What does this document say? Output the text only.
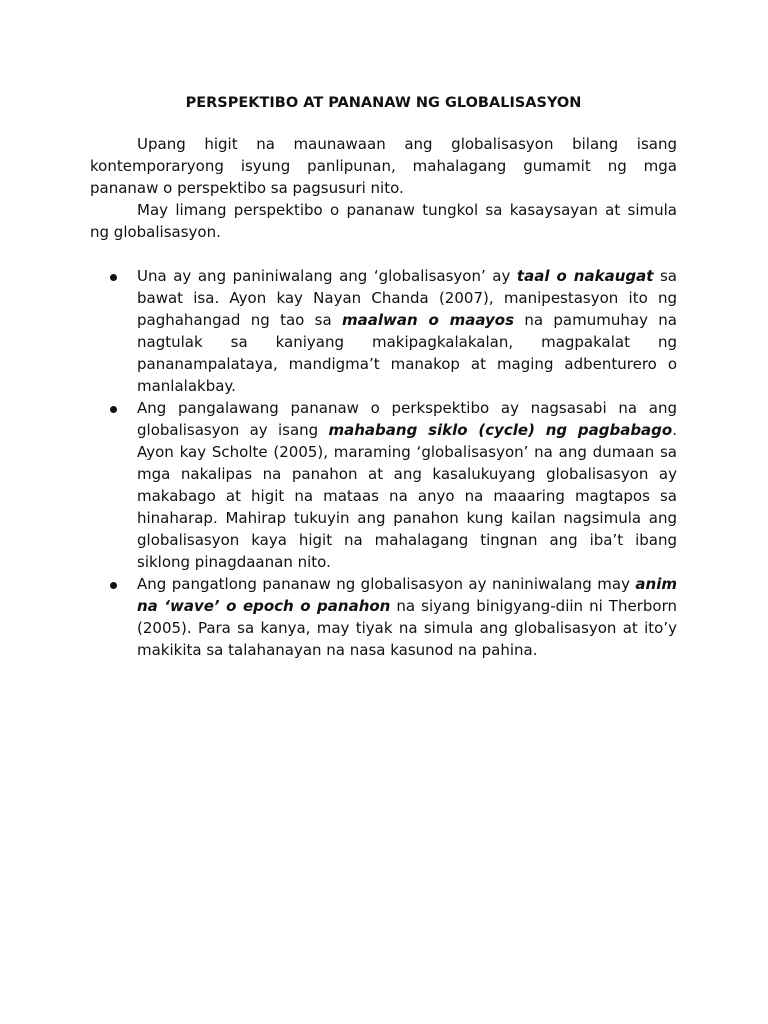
PERSPEKTIBO AT PANANAW NG GLOBALISASYON

Upang higit na maunawaan ang globalisasyon bilang isang kontemporaryong isyung panlipunan, mahalagang gumamit ng mga pananaw o perspektibo sa pagsusuri nito.

May limang perspektibo o pananaw tungkol sa kasaysayan at simula ng globalisasyon.

Una ay ang paniniwalang ang ‘globalisasyon’ ay taal o nakaugat sa bawat isa. Ayon kay Nayan Chanda (2007), manipestasyon ito ng paghahangad ng tao sa maalwan o maayos na pamumuhay na nagtulak sa kaniyang makipagkalakalan, magpakalat ng pananampalataya, mandigma’t manakop at maging adbenturero o manlalakbay.
Ang pangalawang pananaw o perkspektibo ay nagsasabi na ang globalisasyon ay isang mahabang siklo (cycle) ng pagbabago. Ayon kay Scholte (2005), maraming ‘globalisasyon’ na ang dumaan sa mga nakalipas na panahon at ang kasalukuyang globalisasyon ay makabago at higit na mataas na anyo na maaaring magtapos sa hinaharap. Mahirap tukuyin ang panahon kung kailan nagsimula ang globalisasyon kaya higit na mahalagang tingnan ang iba’t ibang siklong pinagdaanan nito.
Ang pangatlong pananaw ng globalisasyon ay naniniwalang may anim na ‘wave’ o epoch o panahon na siyang binigyang-diin ni Therborn (2005). Para sa kanya, may tiyak na simula ang globalisasyon at ito’y makikita sa talahanayan na nasa kasunod na pahina.
